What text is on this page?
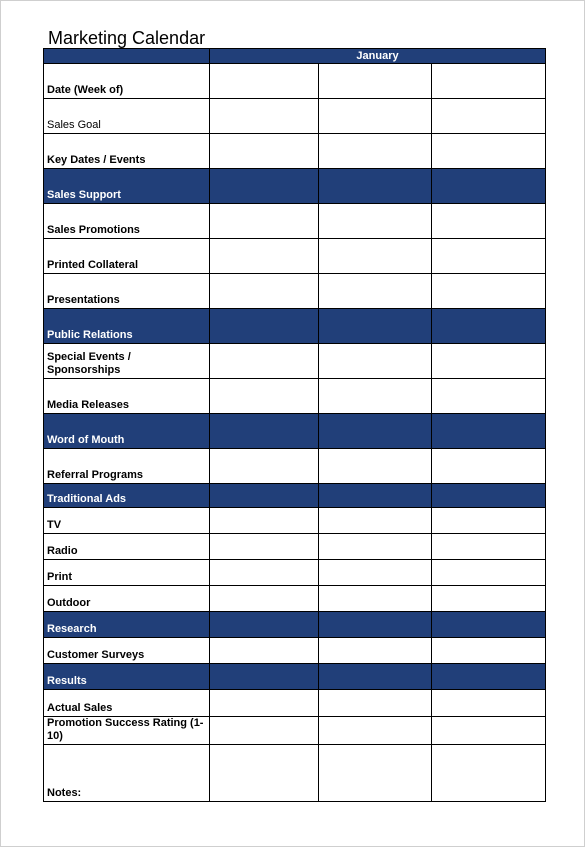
Marketing Calendar
	January		
Date (Week of)			
Sales Goal			
Key Dates / Events			
Sales Support			
Sales Promotions			
Printed Collateral			
Presentations			
Public Relations			

Special Events / Sponsorships			

Media Releases			
Word of Mouth			
Referral Programs			
Traditional Ads			
TV			
Radio			
Print			
Outdoor			
Research			
Customer Surveys			
Results			
Actual Sales			

Promotion Success Rating (1-10)			

Notes:			
